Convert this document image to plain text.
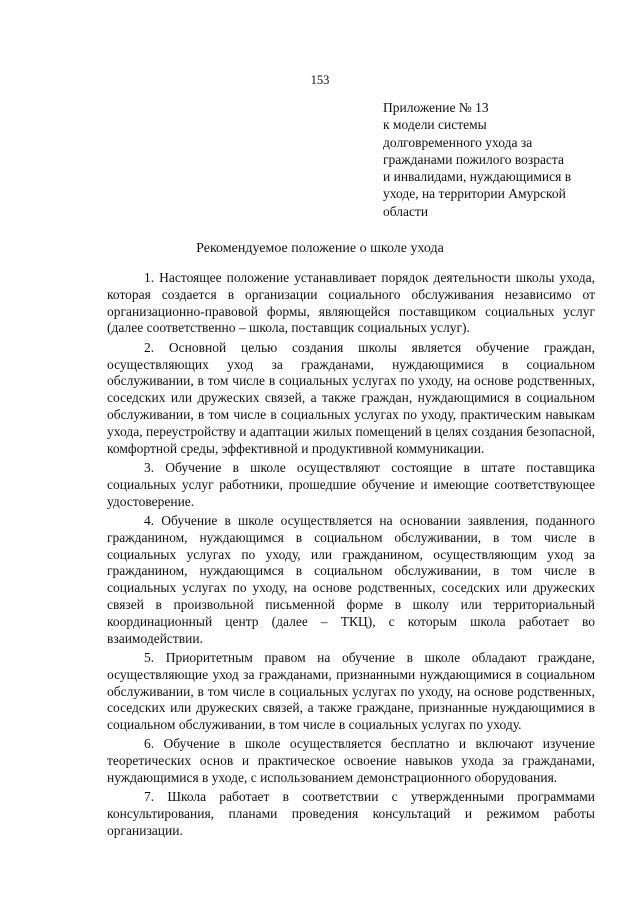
153
Приложение № 13
к модели системы
долговременного ухода за
гражданами пожилого возраста
и инвалидами, нуждающимися в
уходе, на территории Амурской
области
Рекомендуемое положение о школе ухода

1. Настоящее положение устанавливает порядок деятельности школы ухода, которая создается в организации социального обслуживания независимо от организационно-правовой формы, являющейся поставщиком социальных услуг (далее соответственно – школа, поставщик социальных услуг).

2. Основной целью создания школы является обучение граждан, осуществляющих уход за гражданами, нуждающимися в социальном обслуживании, в том числе в социальных услугах по уходу, на основе родственных, соседских или дружеских связей, а также граждан, нуждающимися в социальном обслуживании, в том числе в социальных услугах по уходу, практическим навыкам ухода, переустройству и адаптации жилых помещений в целях создания безопасной, комфортной среды, эффективной и продуктивной коммуникации.

3. Обучение в школе осуществляют состоящие в штате поставщика социальных услуг работники, прошедшие обучение и имеющие соответствующее удостоверение.

4. Обучение в школе осуществляется на основании заявления, поданного гражданином, нуждающимся в социальном обслуживании, в том числе в социальных услугах по уходу, или гражданином, осуществляющим уход за гражданином, нуждающимся в социальном обслуживании, в том числе в социальных услугах по уходу, на основе родственных, соседских или дружеских связей в произвольной письменной форме в школу или территориальный координационный центр (далее – ТКЦ), с которым школа работает во взаимодействии.

5. Приоритетным правом на обучение в школе обладают граждане, осуществляющие уход за гражданами, признанными нуждающимися в социальном обслуживании, в том числе в социальных услугах по уходу, на основе родственных, соседских или дружеских связей, а также граждане, признанные нуждающимися в социальном обслуживании, в том числе в социальных услугах по уходу.

6. Обучение в школе осуществляется бесплатно и включают изучение теоретических основ и практическое освоение навыков ухода за гражданами, нуждающимися в уходе, с использованием демонстрационного оборудования.

7. Школа работает в соответствии с утвержденными программами консультирования, планами проведения консультаций и режимом работы организации.
